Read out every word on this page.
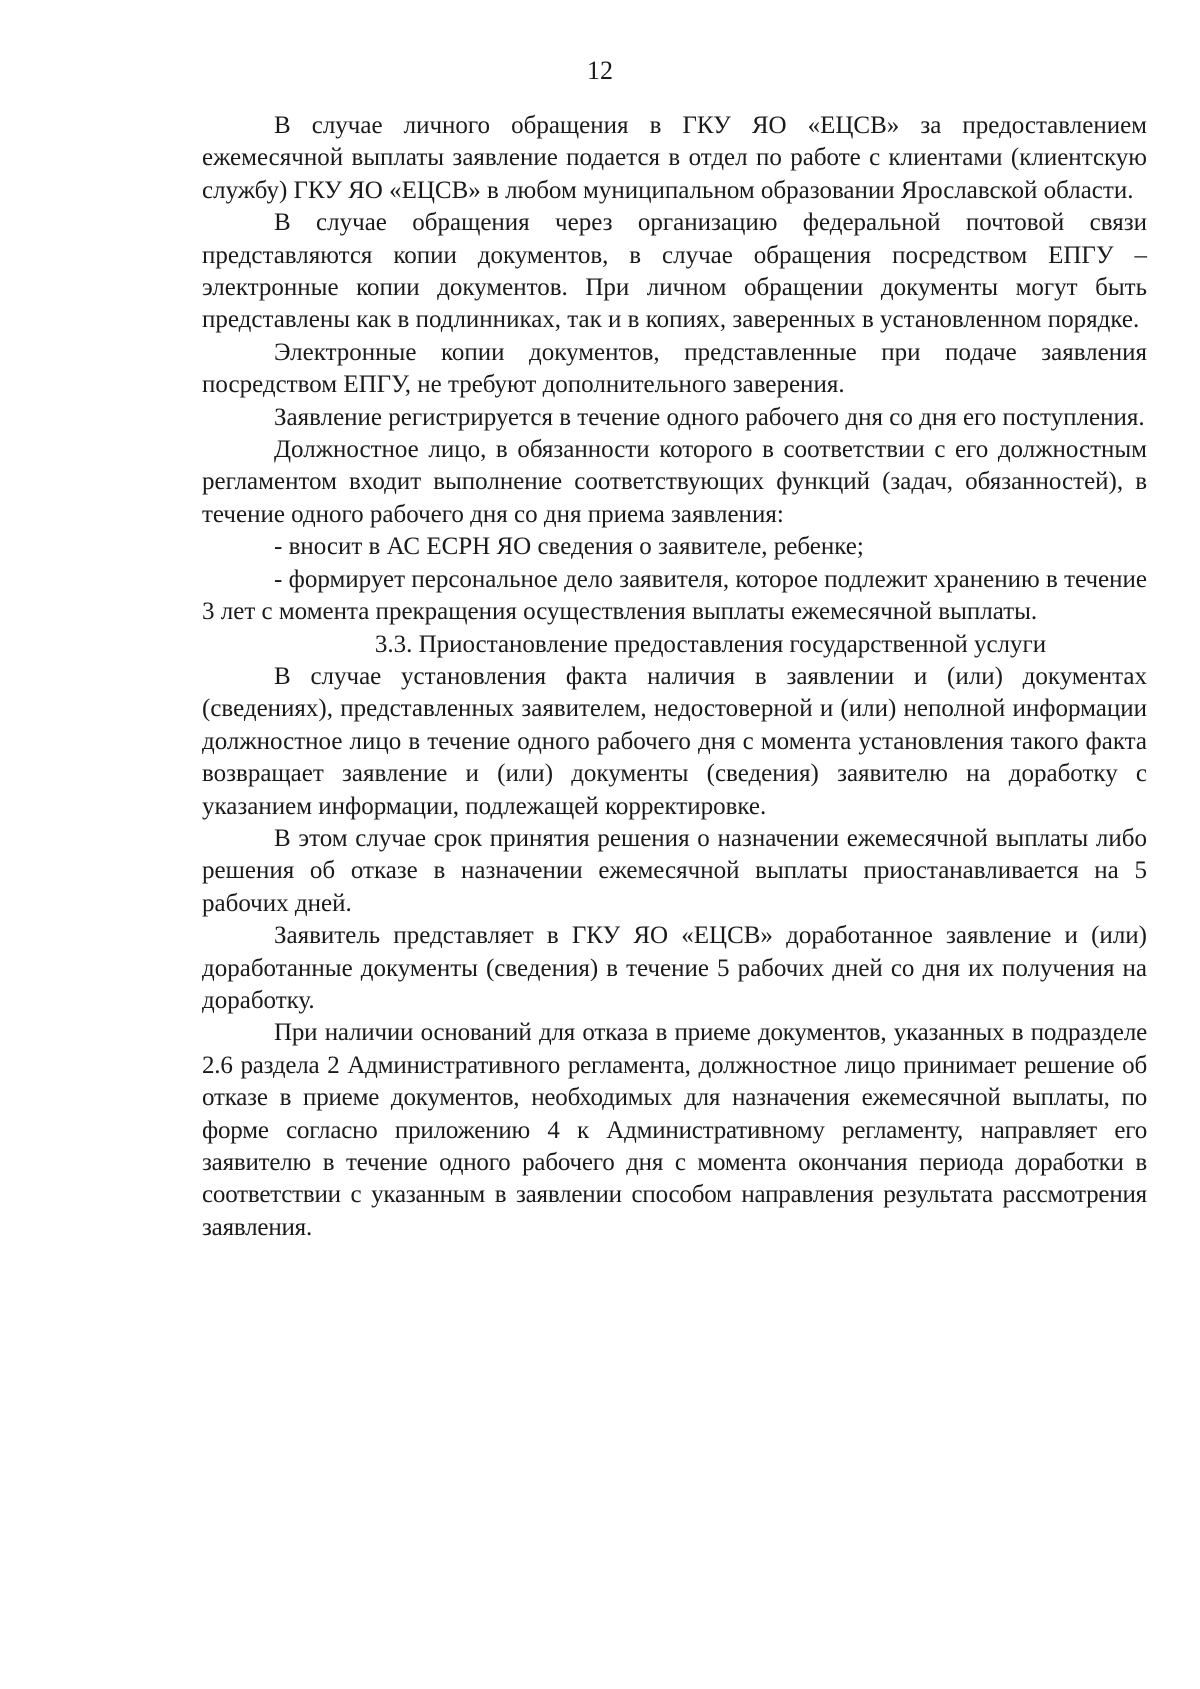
12

В случае личного обращения в ГКУ ЯО «ЕЦСВ» за предоставлением ежемесячной выплаты заявление подается в отдел по работе с клиентами (клиентскую службу) ГКУ ЯО «ЕЦСВ» в любом муниципальном образовании Ярославской области.

В случае обращения через организацию федеральной почтовой связи представляются копии документов, в случае обращения посредством ЕПГУ – электронные копии документов. При личном обращении документы могут быть представлены как в подлинниках, так и в копиях, заверенных в установленном порядке.

Электронные копии документов, представленные при подаче заявления посредством ЕПГУ, не требуют дополнительного заверения.

Заявление регистрируется в течение одного рабочего дня со дня его поступления.

Должностное лицо, в обязанности которого в соответствии с его должностным регламентом входит выполнение соответствующих функций (задач, обязанностей), в течение одного рабочего дня со дня приема заявления:

- вносит в АС ЕСРН ЯО сведения о заявителе, ребенке;

- формирует персональное дело заявителя, которое подлежит хранению в течение 3 лет с момента прекращения осуществления выплаты ежемесячной выплаты.

3.3. Приостановление предоставления государственной услуги

В случае установления факта наличия в заявлении и (или) документах (сведениях), представленных заявителем, недостоверной и (или) неполной информации должностное лицо в течение одного рабочего дня с момента установления такого факта возвращает заявление и (или) документы (сведения) заявителю на доработку с указанием информации, подлежащей корректировке.

В этом случае срок принятия решения о назначении ежемесячной выплаты либо решения об отказе в назначении ежемесячной выплаты приостанавливается на 5 рабочих дней.

Заявитель представляет в ГКУ ЯО «ЕЦСВ» доработанное заявление и (или) доработанные документы (сведения) в течение 5 рабочих дней со дня их получения на доработку.

При наличии оснований для отказа в приеме документов, указанных в подразделе 2.6 раздела 2 Административного регламента, должностное лицо принимает решение об отказе в приеме документов, необходимых для назначения ежемесячной выплаты, по форме согласно приложению 4 к Административному регламенту, направляет его заявителю в течение одного рабочего дня с момента окончания периода доработки в соответствии с указанным в заявлении способом направления результата рассмотрения заявления.
